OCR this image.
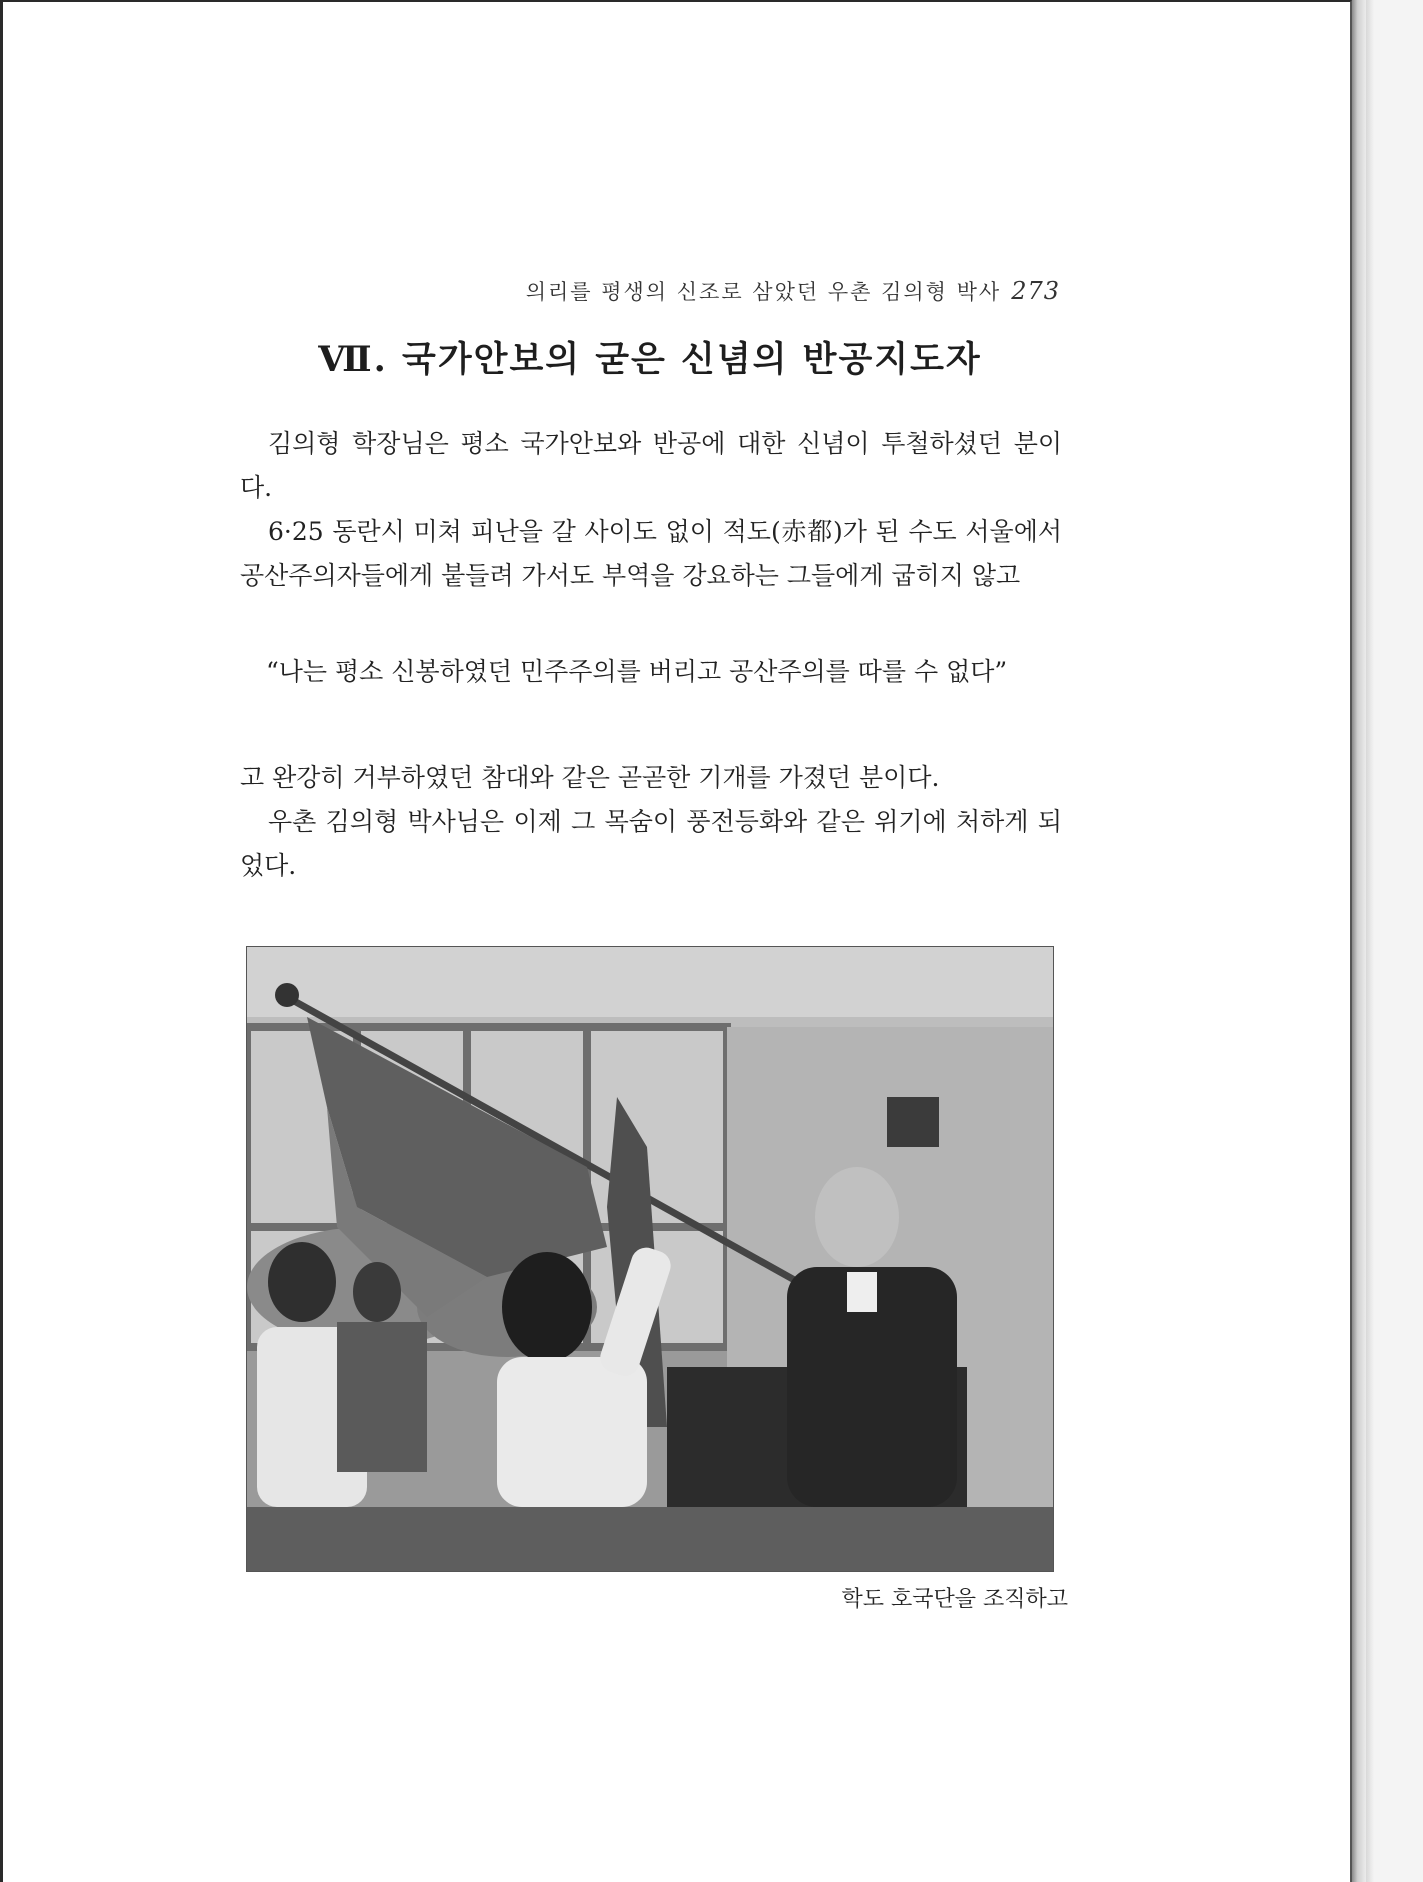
의리를 평생의 신조로 삼았던 우촌 김의형 박사 273
Ⅶ. 국가안보의 굳은 신념의 반공지도자
김의형 학장님은 평소 국가안보와 반공에 대한 신념이 투철하셨던 분이다.
6·25 동란시 미쳐 피난을 갈 사이도 없이 적도(赤都)가 된 수도 서울에서 공산주의자들에게 붙들려 가서도 부역을 강요하는 그들에게 굽히지 않고
“나는 평소 신봉하였던 민주주의를 버리고 공산주의를 따를 수 없다”
고 완강히 거부하였던 참대와 같은 곧곧한 기개를 가졌던 분이다.
우촌 김의형 박사님은 이제 그 목숨이 풍전등화와 같은 위기에 처하게 되었다.
학도 호국단을 조직하고
